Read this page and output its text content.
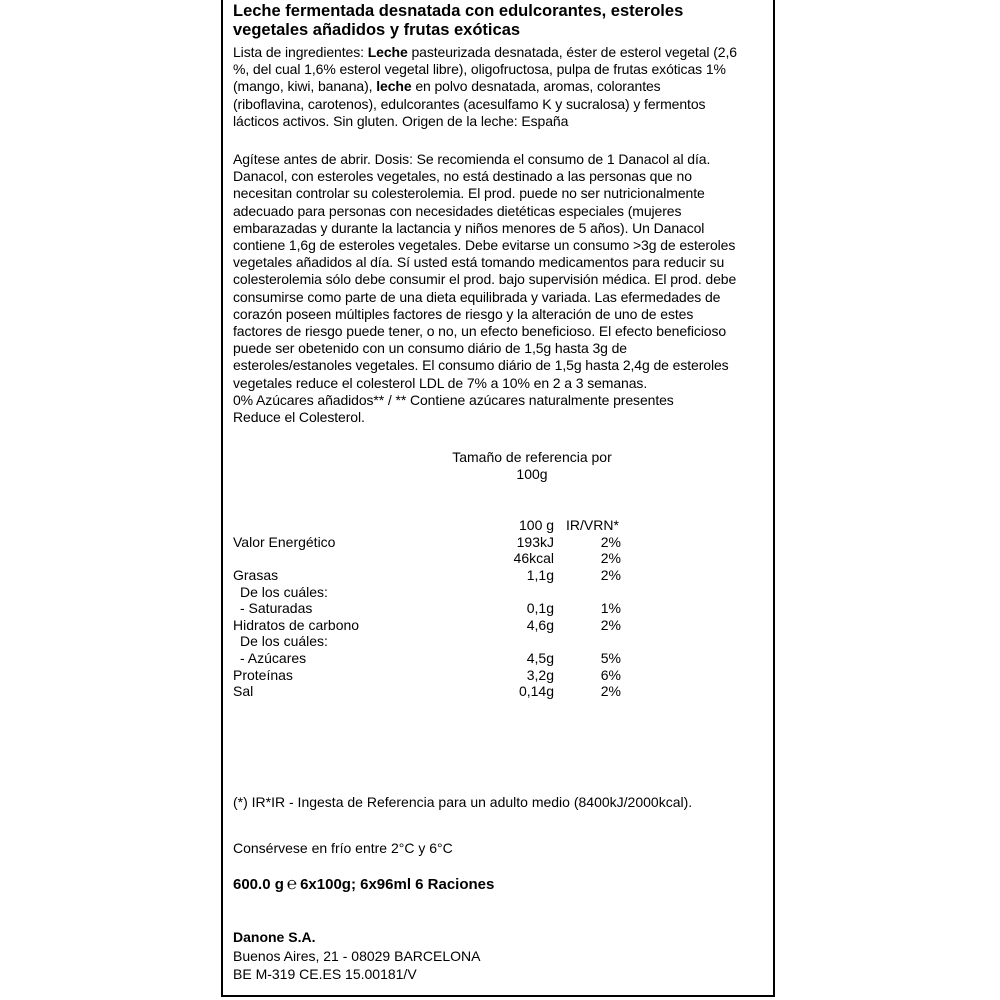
Leche fermentada desnatada con edulcorantes, esteroles
vegetales añadidos y frutas exóticas
Lista de ingredientes: Leche pasteurizada desnatada, éster de esterol vegetal (2,6
%, del cual 1,6% esterol vegetal libre), oligofructosa, pulpa de frutas exóticas 1%
(mango, kiwi, banana), leche en polvo desnatada, aromas, colorantes
(riboflavina, carotenos), edulcorantes (acesulfamo K y sucralosa) y fermentos
lácticos activos. Sin gluten. Origen de la leche: España
Agítese antes de abrir. Dosis: Se recomienda el consumo de 1 Danacol al día.
Danacol, con esteroles vegetales, no está destinado a las personas que no
necesitan controlar su colesterolemia. El prod. puede no ser nutricionalmente
adecuado para personas con necesidades dietéticas especiales (mujeres
embarazadas y durante la lactancia y niños menores de 5 años). Un Danacol
contiene 1,6g de esteroles vegetales. Debe evitarse un consumo >3g de esteroles
vegetales añadidos al día. Sí usted está tomando medicamentos para reducir su
colesterolemia sólo debe consumir el prod. bajo supervisión médica. El prod. debe
consumirse como parte de una dieta equilibrada y variada. Las efermedades de
corazón poseen múltiples factores de riesgo y la alteración de uno de estes
factores de riesgo puede tener, o no, un efecto beneficioso. El efecto beneficioso
puede ser obetenido con un consumo diário de 1,5g hasta 3g de
esteroles/estanoles vegetales. El consumo diário de 1,5g hasta 2,4g de esteroles
vegetales reduce el colesterol LDL de 7% a 10% en 2 a 3 semanas.
0% Azúcares añadidos** / ** Contiene azúcares naturalmente presentes
Reduce el Colesterol.
Tamaño de referencia por 100g
100 g IR/VRN*
Valor Energético	193kJ	2%
46kcal	2%
Grasas	1,1g	2%
De los cuáles:
- Saturadas	0,1g	1%
Hidratos de carbono	4,6g	2%
De los cuáles:
- Azúcares	4,5g	5%
Proteínas	3,2g	6%
Sal	0,14g	2%
(*) IR*IR - Ingesta de Referencia para un adulto medio (8400kJ/2000kcal).
Consérvese en frío entre 2°C y 6°C
600.0 g ℮ 6x100g; 6x96ml 6 Raciones
Danone S.A.
Buenos Aires, 21 - 08029 BARCELONA
BE M-319 CE.ES 15.00181/V
